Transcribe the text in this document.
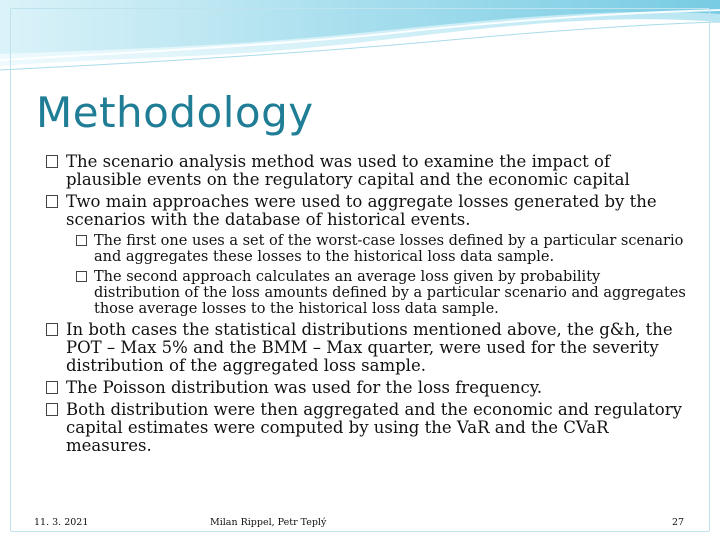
Methodology
The scenario analysis method was used to examine the impact of plausible events on the regulatory capital and the economic capital
Two main approaches were used to aggregate losses generated by the scenarios with the database of historical events.
The first one uses a set of the worst-case losses defined by a particular scenario and aggregates these losses to the historical loss data sample.
The second approach calculates an average loss given by probability distribution of the loss amounts defined by a particular scenario and aggregates those average losses to the historical loss data sample.
In both cases the statistical distributions mentioned above, the g&h, the POT – Max 5% and the BMM – Max quarter, were used for the severity distribution of the aggregated loss sample.
The Poisson distribution was used for the loss frequency.
Both distribution were then aggregated and the economic and regulatory capital estimates were computed by using the VaR and the CVaR measures.
11. 3. 2021	Milan Rippel, Petr Teplý	27
